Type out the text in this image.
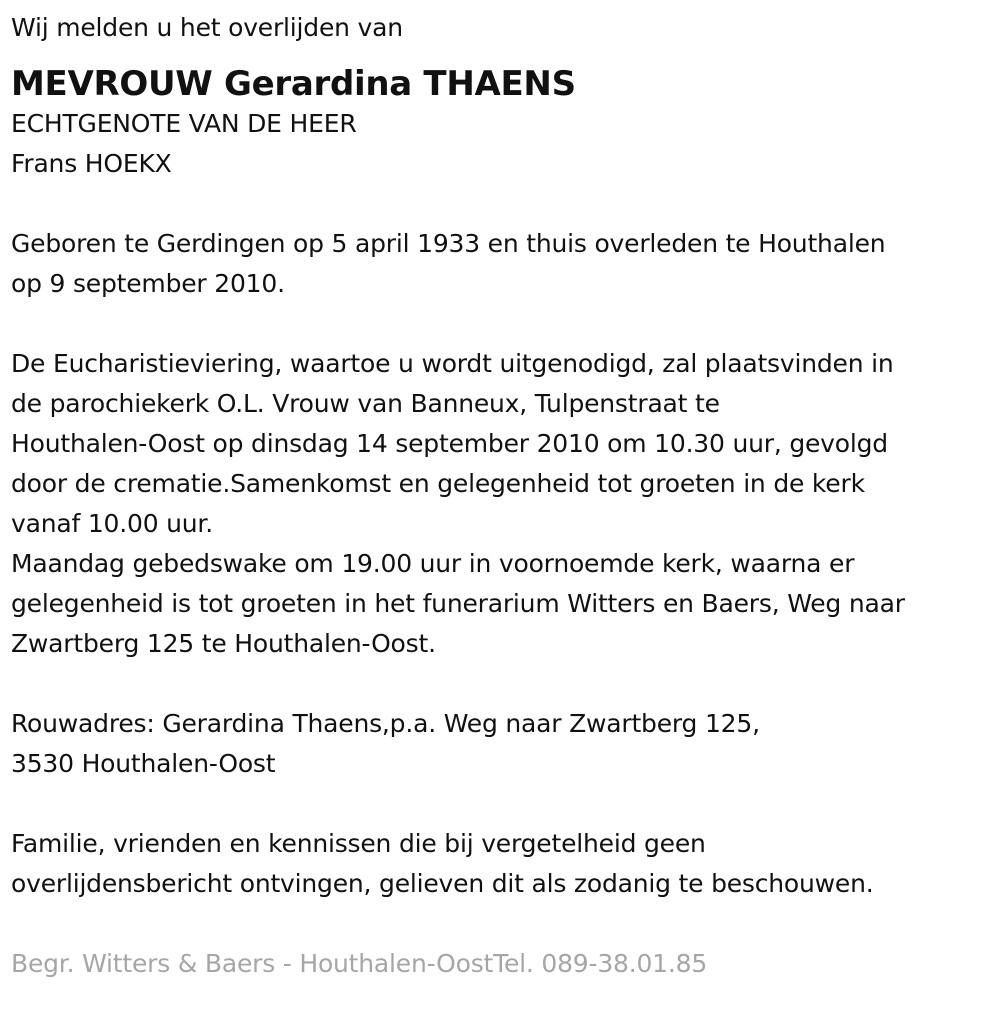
Wij melden u het overlijden van
MEVROUW Gerardina THAENS
ECHTGENOTE VAN DE HEER
Frans HOEKX
Geboren te Gerdingen op 5 april 1933 en thuis overleden te Houthalen
op 9 september 2010.
De Eucharistieviering, waartoe u wordt uitgenodigd, zal plaatsvinden in
de parochiekerk O.L. Vrouw van Banneux, Tulpenstraat te
Houthalen-Oost op dinsdag 14 september 2010 om 10.30 uur, gevolgd
door de crematie.Samenkomst en gelegenheid tot groeten in de kerk
vanaf 10.00 uur.
Maandag gebedswake om 19.00 uur in voornoemde kerk, waarna er
gelegenheid is tot groeten in het funerarium Witters en Baers, Weg naar
Zwartberg 125 te Houthalen-Oost.
Rouwadres: Gerardina Thaens,p.a. Weg naar Zwartberg 125,
3530 Houthalen-Oost
Familie, vrienden en kennissen die bij vergetelheid geen
overlijdensbericht ontvingen, gelieven dit als zodanig te beschouwen.
Begr. Witters & Baers - Houthalen-OostTel. 089-38.01.85
